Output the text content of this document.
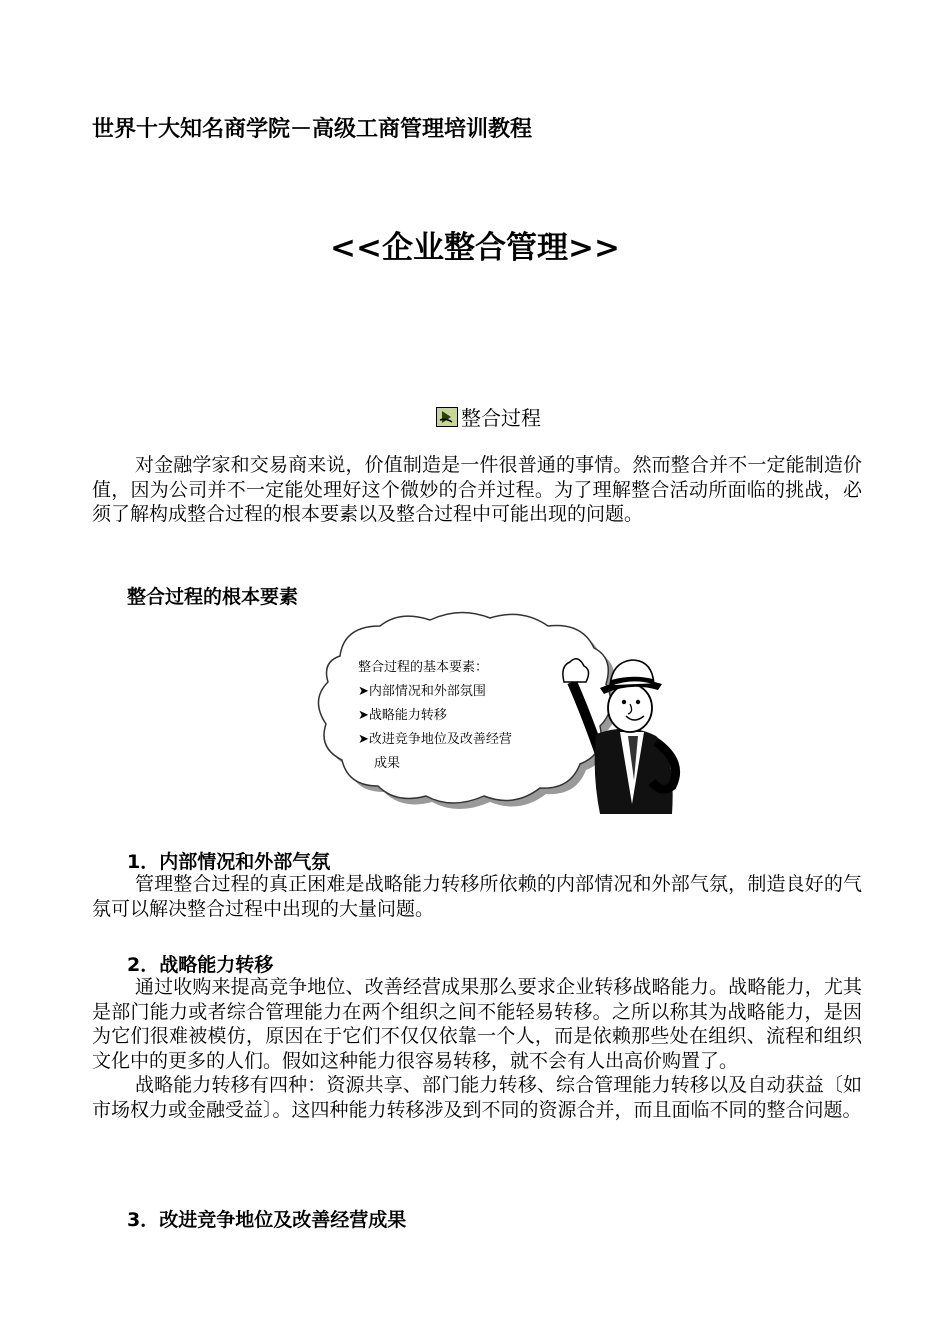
世界十大知名商学院－高级工商管理培训教程
<<企业整合管理>>
整合过程

对金融学家和交易商来说，价值制造是一件很普通的事情。然而整合并不一定能制造价值，因为公司并不一定能处理好这个微妙的合并过程。为了理解整合活动所面临的挑战，必须了解构成整合过程的根本要素以及整合过程中可能出现的问题。

整合过程的根本要素
整合过程的基本要素：
➤内部情况和外部氛围
➤战略能力转移
➤改进竞争地位及改善经营
成果
1．内部情况和外部气氛

管理整合过程的真正困难是战略能力转移所依赖的内部情况和外部气氛，制造良好的气氛可以解决整合过程中出现的大量问题。

2．战略能力转移

通过收购来提高竞争地位、改善经营成果那么要求企业转移战略能力。战略能力，尤其是部门能力或者综合管理能力在两个组织之间不能轻易转移。之所以称其为战略能力，是因为它们很难被模仿，原因在于它们不仅仅依靠一个人，而是依赖那些处在组织、流程和组织文化中的更多的人们。假如这种能力很容易转移，就不会有人出高价购置了。

战略能力转移有四种：资源共享、部门能力转移、综合管理能力转移以及自动获益〔如市场权力或金融受益〕。这四种能力转移涉及到不同的资源合并，而且面临不同的整合问题。

3．改进竞争地位及改善经营成果
